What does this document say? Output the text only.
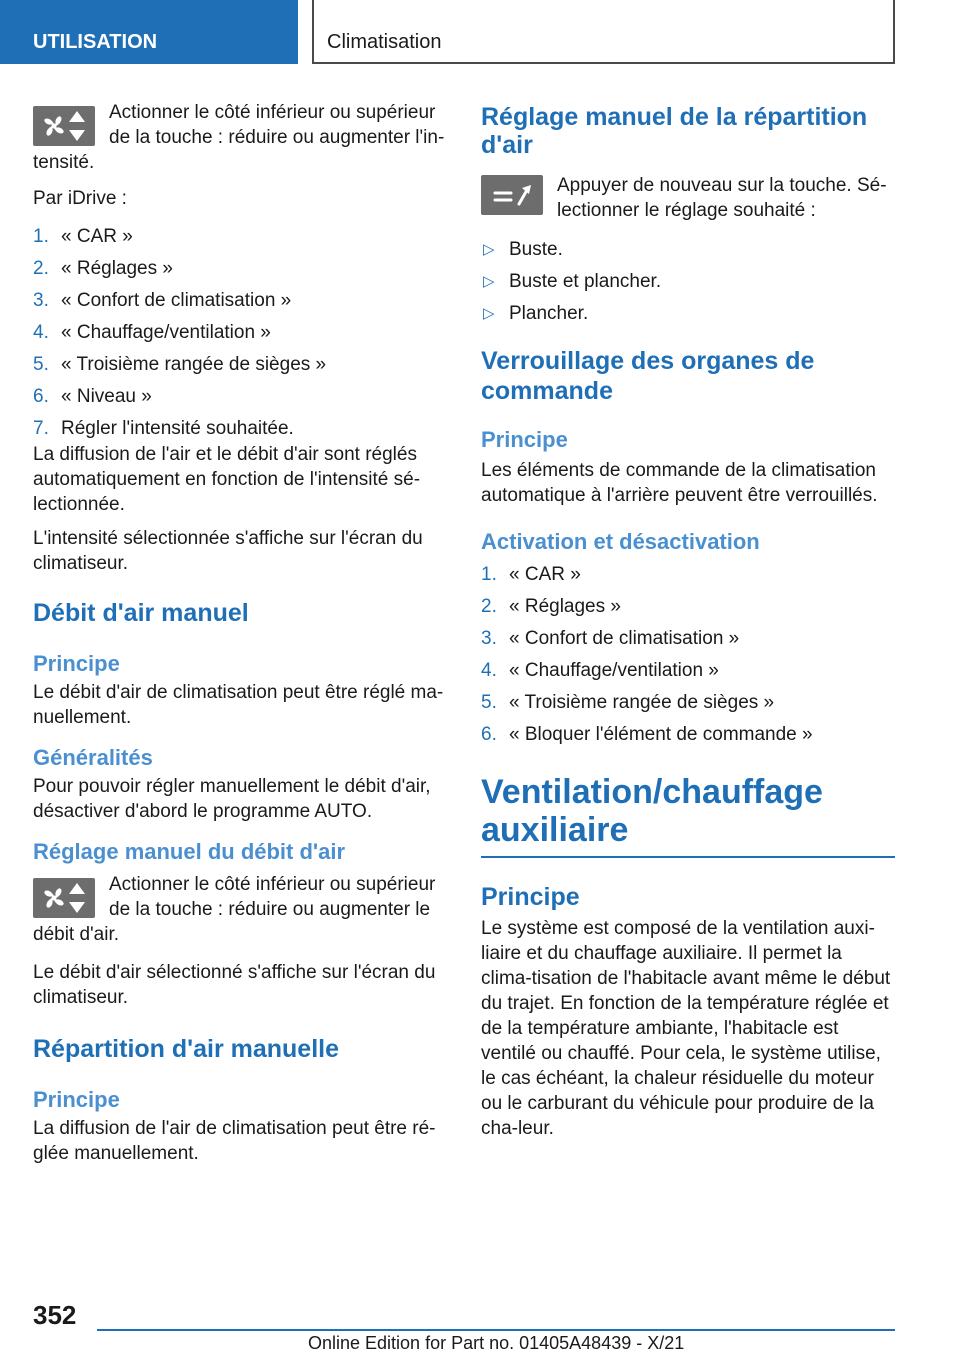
UTILISATION	Climatisation

Actionner le côté inférieur ou supérieur de la touche : réduire ou augmenter l'in-tensité.

Par iDrive :

1. « CAR »
2. « Réglages »
3. « Confort de climatisation »
4. « Chauffage/ventilation »
5. « Troisième rangée de sièges »
6. « Niveau »
7. Régler l'intensité souhaitée.

La diffusion de l'air et le débit d'air sont réglés automatiquement en fonction de l'intensité sé-lectionnée.

L'intensité sélectionnée s'affiche sur l'écran du climatiseur.

Débit d'air manuel
Principe

Le débit d'air de climatisation peut être réglé ma-nuellement.

Généralités

Pour pouvoir régler manuellement le débit d'air, désactiver d'abord le programme AUTO.

Réglage manuel du débit d'air

Actionner le côté inférieur ou supérieur de la touche : réduire ou augmenter le débit d'air.

Le débit d'air sélectionné s'affiche sur l'écran du climatiseur.

Répartition d'air manuelle
Principe

La diffusion de l'air de climatisation peut être ré-glée manuellement.

Réglage manuel de la répartition d'air

Appuyer de nouveau sur la touche. Sé-lectionner le réglage souhaité :

▷ Buste.
▷ Buste et plancher.
▷ Plancher.
Verrouillage des organes de commande
Principe

Les éléments de commande de la climatisation automatique à l'arrière peuvent être verrouillés.

Activation et désactivation
1. « CAR »
2. « Réglages »
3. « Confort de climatisation »
4. « Chauffage/ventilation »
5. « Troisième rangée de sièges »
6. « Bloquer l'élément de commande »
Ventilation/chauffage auxiliaire
Principe

Le système est composé de la ventilation auxi-liaire et du chauffage auxiliaire. Il permet la clima-tisation de l'habitacle avant même le début du trajet. En fonction de la température réglée et de la température ambiante, l'habitacle est ventilé ou chauffé. Pour cela, le système utilise, le cas échéant, la chaleur résiduelle du moteur ou le carburant du véhicule pour produire de la cha-leur.

352
Online Edition for Part no. 01405A48439 - X/21
